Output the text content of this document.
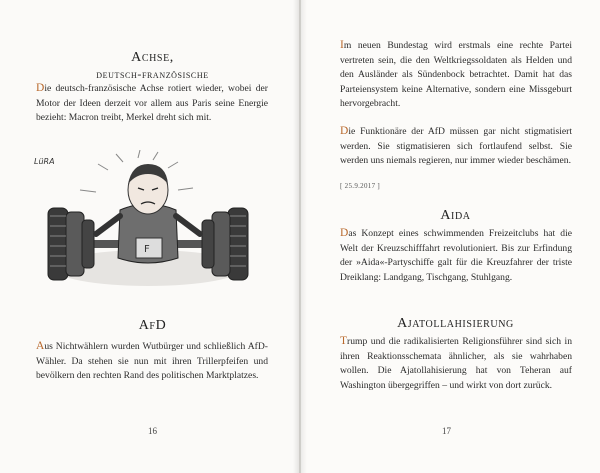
Achse,
deutsch-französische

Die deutsch-französische Achse rotiert wieder, wobei der Motor der Ideen derzeit vor allem aus Paris seine Energie bezieht: Macron treibt, Merkel dreht sich mit.

F
LüRA
AfD

Aus Nichtwählern wurden Wutbürger und schließlich AfD-Wähler. Da stehen sie nun mit ihren Trillerpfeifen und bevölkern den rechten Rand des politischen Marktplatzes.

16

Im neuen Bundestag wird erstmals eine rechte Partei vertreten sein, die den Weltkriegssoldaten als Helden und den Ausländer als Sündenbock betrachtet. Damit hat das Parteiensystem keine Alternative, sondern eine Missgeburt hervorgebracht.

Die Funktionäre der AfD müssen gar nicht stigmatisiert werden. Sie stigmatisieren sich fortlaufend selbst. Sie werden uns niemals regieren, nur immer wieder beschämen.

[ 25.9.2017 ]
Aida

Das Konzept eines schwimmenden Freizeitclubs hat die Welt der Kreuzschifffahrt revolutioniert. Bis zur Erfindung der »Aida«-Partyschiffe galt für die Kreuzfahrer der triste Dreiklang: Landgang, Tischgang, Stuhlgang.

Ajatollahisierung

Trump und die radikalisierten Religionsführer sind sich in ihren Reaktionsschemata ähnlicher, als sie wahrhaben wollen. Die Ajatollahisierung hat von Teheran auf Washington übergegriffen – und wirkt von dort zurück.

17
